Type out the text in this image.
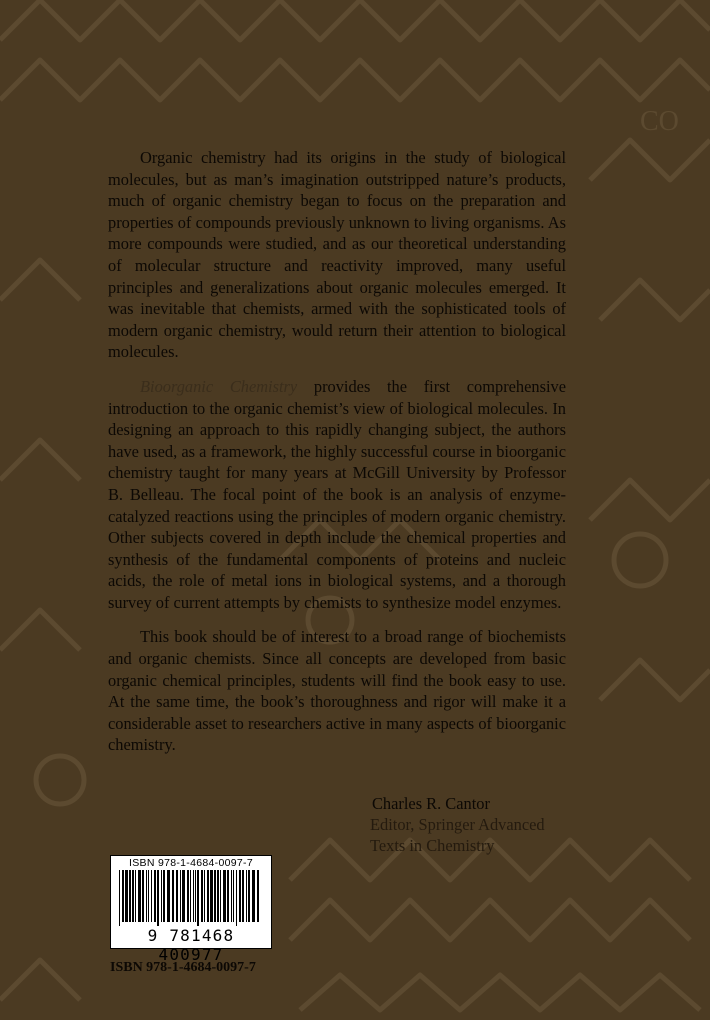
CO

Organic chemistry had its origins in the study of biological molecules, but as man’s imagination outstripped nature’s products, much of organic chemistry began to focus on the preparation and properties of compounds previously unknown to living organisms. As more compounds were studied, and as our theoretical understanding of molecular structure and reactivity improved, many useful principles and generalizations about organic molecules emerged. It was inevitable that chemists, armed with the sophisticated tools of modern organic chemistry, would return their attention to biological molecules.

Bioorganic Chemistry provides the first comprehensive introduction to the organic chemist’s view of biological molecules. In designing an approach to this rapidly changing subject, the authors have used, as a framework, the highly successful course in bioorganic chemistry taught for many years at McGill University by Professor B. Belleau. The focal point of the book is an analysis of enzyme-catalyzed reactions using the principles of modern organic chemistry. Other subjects covered in depth include the chemical properties and synthesis of the fundamental components of proteins and nucleic acids, the role of metal ions in biological systems, and a thorough survey of current attempts by chemists to synthesize model enzymes.

This book should be of interest to a broad range of biochemists and organic chemists. Since all concepts are developed from basic organic chemical principles, students will find the book easy to use. At the same time, the book’s thoroughness and rigor will make it a considerable asset to researchers active in many aspects of bioorganic chemistry.

Charles R. Cantor
Editor, Springer Advanced
Texts in Chemistry
ISBN 978-1-4684-0097-7
9 781468 400977
ISBN 978-1-4684-0097-7
